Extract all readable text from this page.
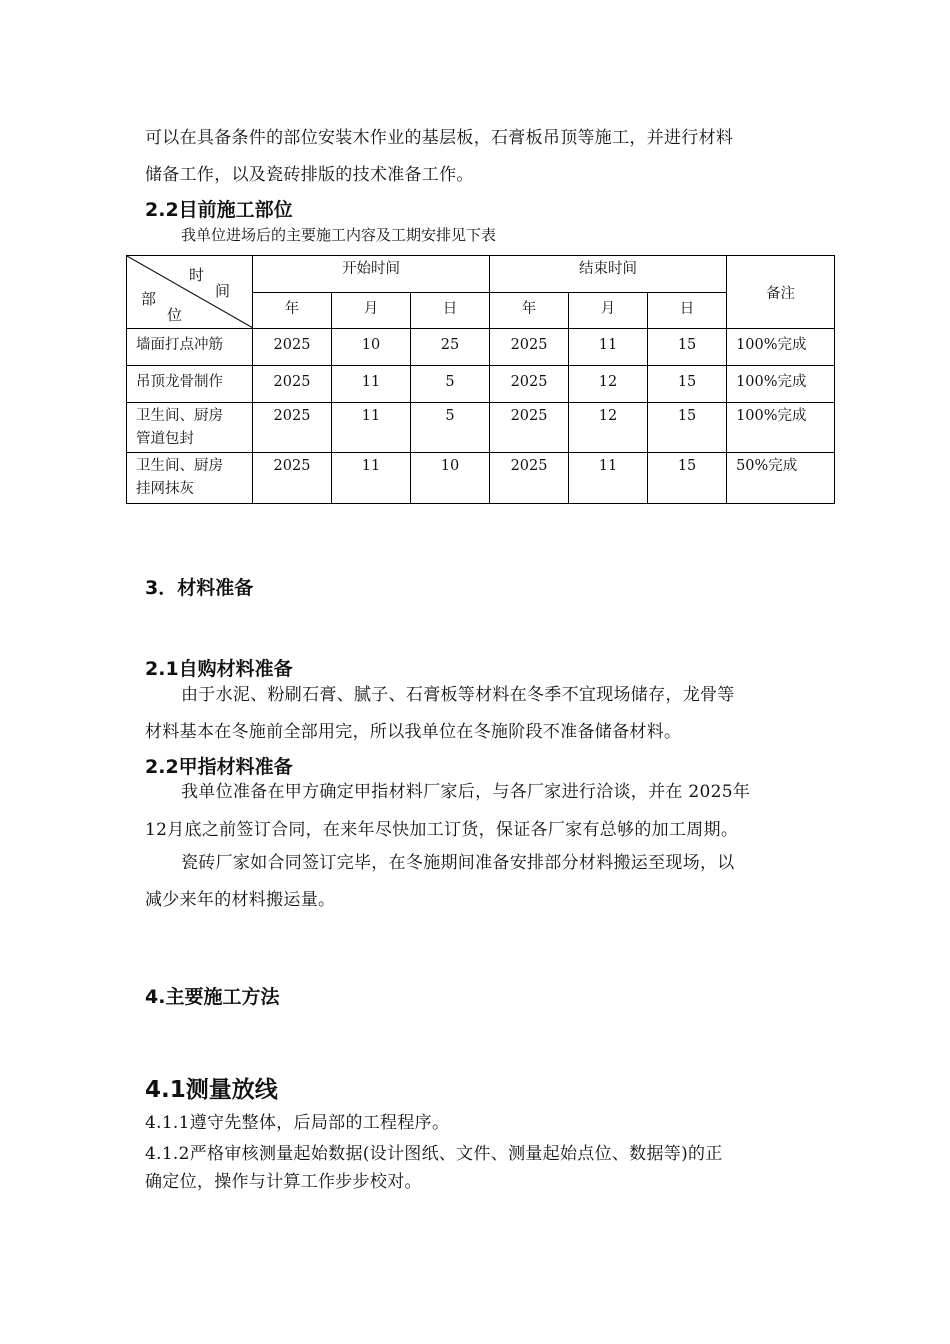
可以在具备条件的部位安装木作业的基层板，石膏板吊顶等施工，并进行材料
储备工作，以及瓷砖排版的技术准备工作。
2.2目前施工部位
我单位进场后的主要施工内容及工期安排见下表
时
间
部
位	开始时间			结束时间			备注

	年	月	日	年	月	日	

墙面打点冲筋	2025	10	25	2025	11	15	100%完成

吊顶龙骨制作	2025	11	5	2025	12	15	100%完成

卫生间、厨房
管道包封	2025	11	5	2025	12	15	100%完成

卫生间、厨房
挂网抹灰	2025	11	10	2025	11	15	50%完成
3．材料准备
2.1自购材料准备
由于水泥、粉刷石膏、腻子、石膏板等材料在冬季不宜现场储存，龙骨等
材料基本在冬施前全部用完，所以我单位在冬施阶段不准备储备材料。
2.2甲指材料准备
我单位准备在甲方确定甲指材料厂家后，与各厂家进行洽谈，并在 2025年
12月底之前签订合同，在来年尽快加工订货，保证各厂家有总够的加工周期。
瓷砖厂家如合同签订完毕，在冬施期间准备安排部分材料搬运至现场，以
减少来年的材料搬运量。
4.主要施工方法
4.1测量放线
4.1.1遵守先整体，后局部的工程程序。
4.1.2严格审核测量起始数据(设计图纸、文件、测量起始点位、数据等)的正
确定位，操作与计算工作步步校对。
